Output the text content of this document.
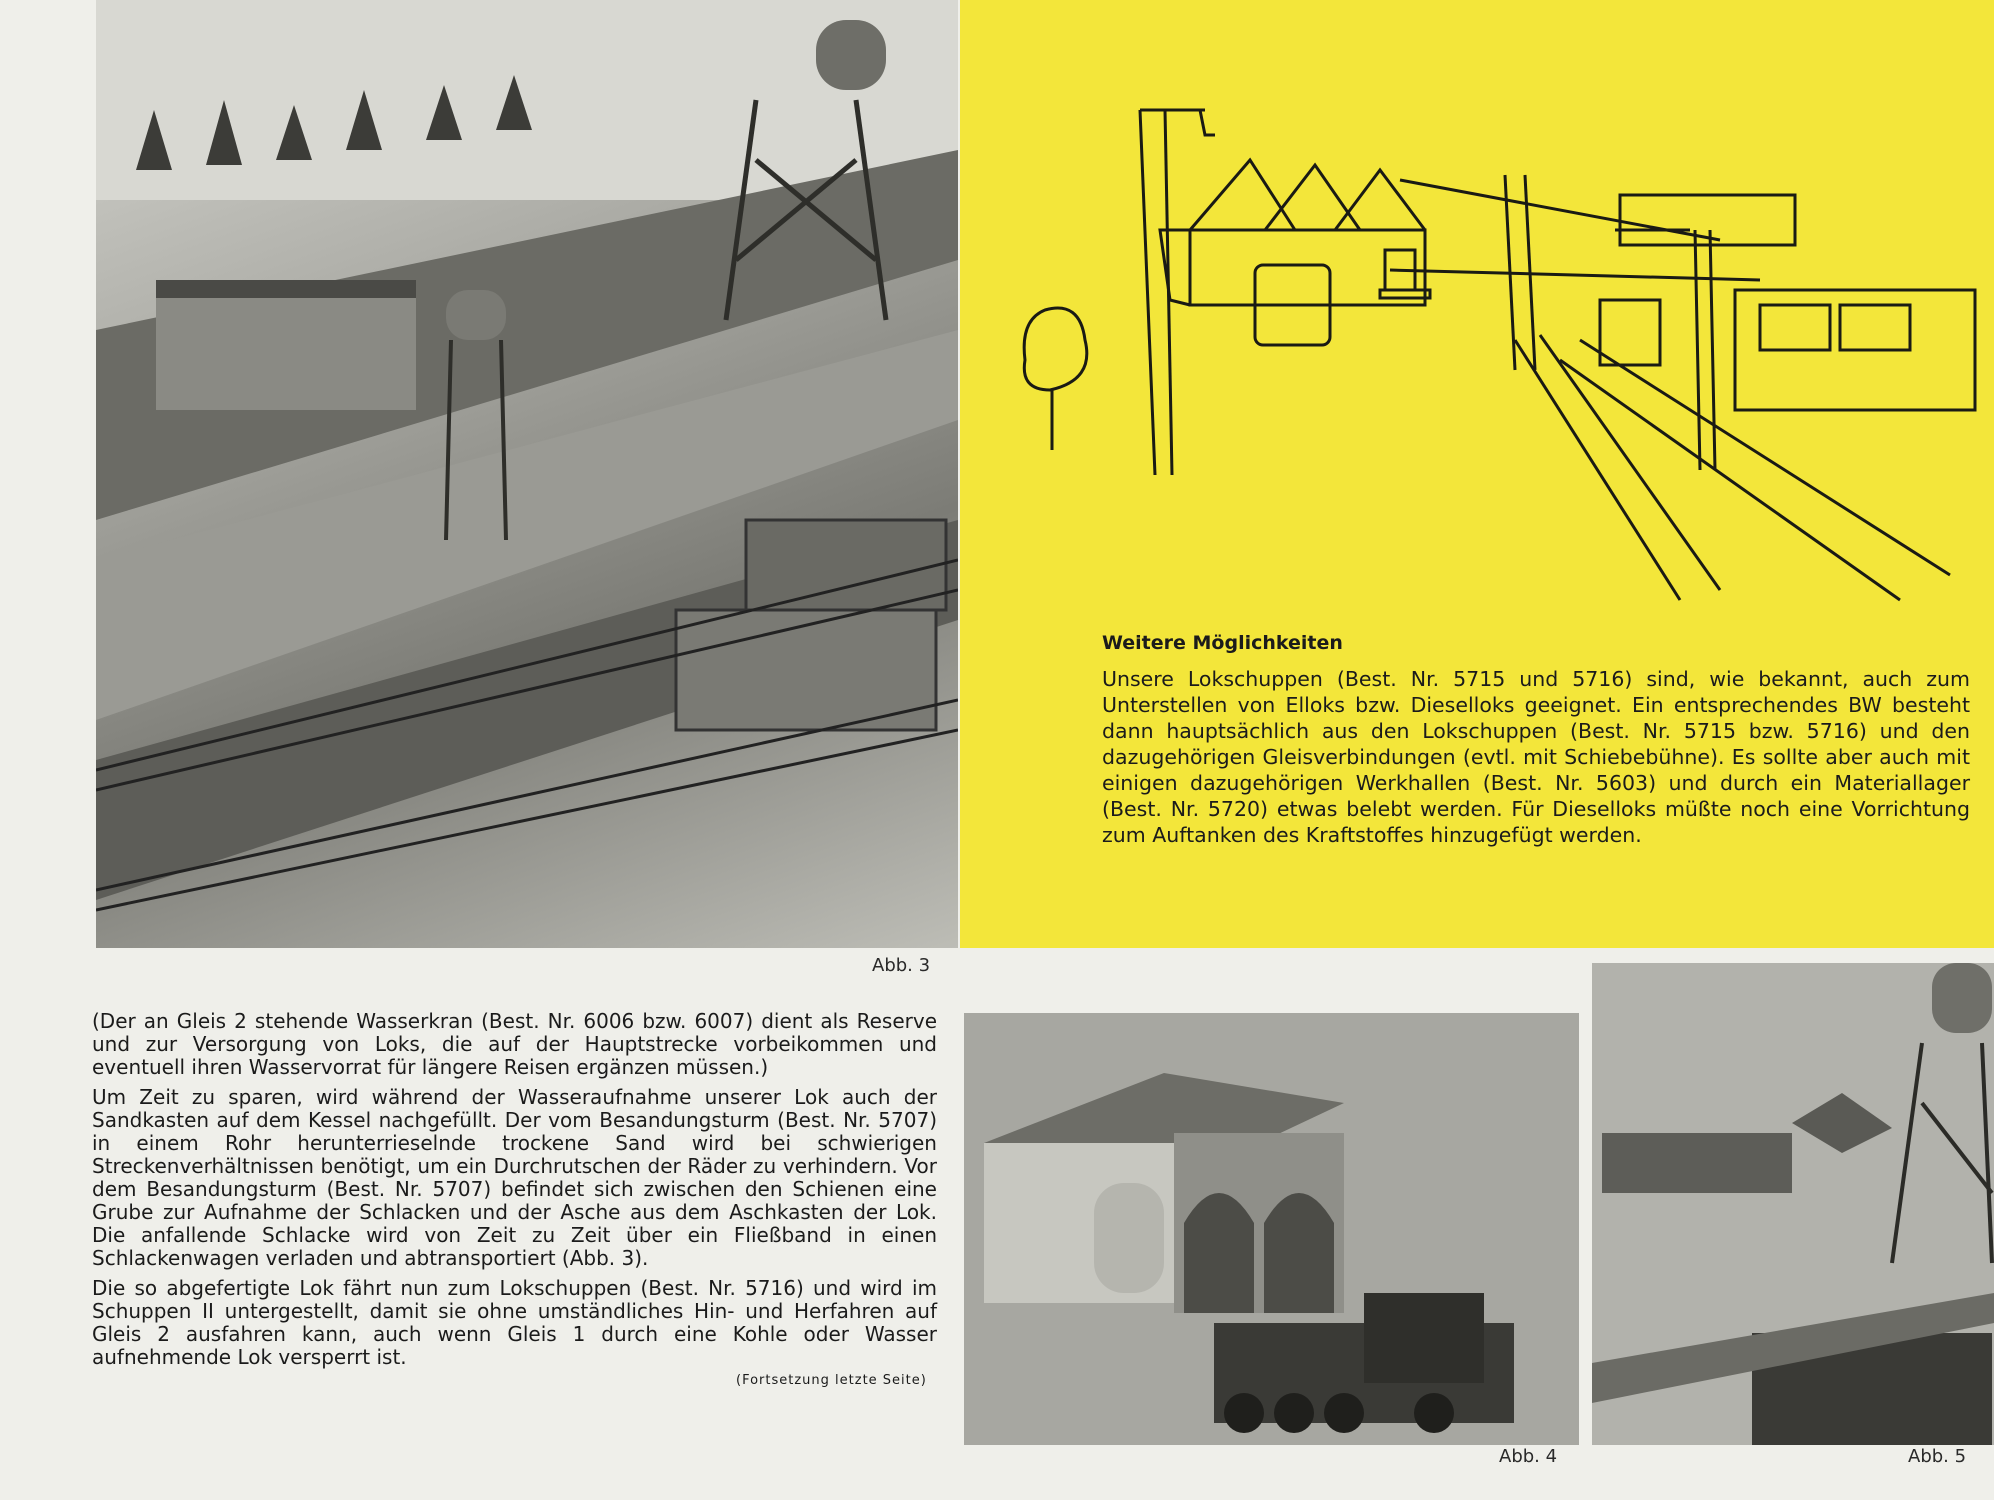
Abb. 3
Weitere Möglichkeiten

Unsere Lokschuppen (Best. Nr. 5715 und 5716) sind, wie bekannt, auch zum Unterstellen von Elloks bzw. Dieselloks geeignet. Ein entsprechendes BW besteht dann hauptsächlich aus den Lokschuppen (Best. Nr. 5715 bzw. 5716) und den dazugehörigen Gleisverbindungen (evtl. mit Schiebebühne). Es sollte aber auch mit einigen dazugehörigen Werkhallen (Best. Nr. 5603) und durch ein Materiallager (Best. Nr. 5720) etwas belebt werden. Für Dieselloks müßte noch eine Vorrichtung zum Auftanken des Kraftstoffes hinzugefügt werden.

Abb. 4	Abb. 5

(Der an Gleis 2 stehende Wasserkran (Best. Nr. 6006 bzw. 6007) dient als Reserve und zur Versorgung von Loks, die auf der Hauptstrecke vorbeikommen und eventuell ihren Wasservorrat für längere Reisen ergänzen müssen.)

Um Zeit zu sparen, wird während der Wasseraufnahme unserer Lok auch der Sandkasten auf dem Kessel nachgefüllt. Der vom Besandungsturm (Best. Nr. 5707) in einem Rohr herunterrieselnde trockene Sand wird bei schwierigen Streckenverhältnissen benötigt, um ein Durchrutschen der Räder zu verhindern. Vor dem Besandungsturm (Best. Nr. 5707) befindet sich zwischen den Schienen eine Grube zur Aufnahme der Schlacken und der Asche aus dem Aschkasten der Lok. Die anfallende Schlacke wird von Zeit zu Zeit über ein Fließband in einen Schlackenwagen verladen und abtransportiert (Abb. 3).

Die so abgefertigte Lok fährt nun zum Lokschuppen (Best. Nr. 5716) und wird im Schuppen II untergestellt, damit sie ohne umständliches Hin- und Herfahren auf Gleis 2 ausfahren kann, auch wenn Gleis 1 durch eine Kohle oder Wasser aufnehmende Lok versperrt ist.

(Fortsetzung letzte Seite)
